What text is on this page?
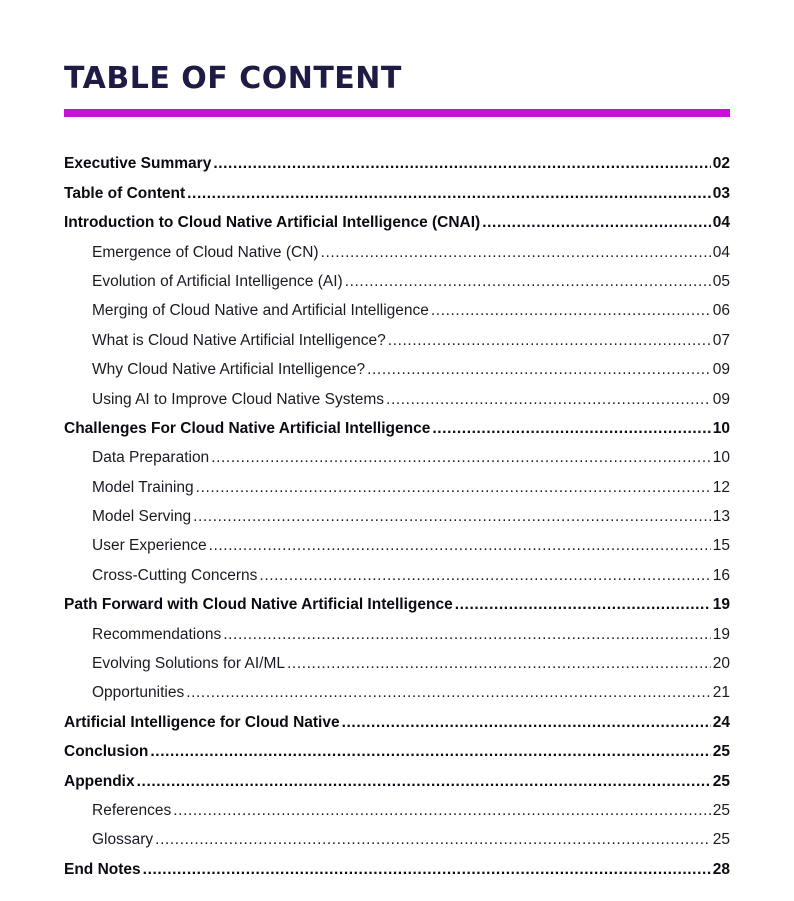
TABLE OF CONTENT
Executive Summary .....	02
Table of Content .....	03
Introduction to Cloud Native Artificial Intelligence (CNAI) .....	04
Emergence of Cloud Native (CN) .....	04
Evolution of Artificial Intelligence (AI) .....	05
Merging of Cloud Native and Artificial Intelligence .....	06
What is Cloud Native Artificial Intelligence? .....	07
Why Cloud Native Artificial Intelligence? .....	09
Using AI to Improve Cloud Native Systems .....	09
Challenges For Cloud Native Artificial Intelligence .....	10
Data Preparation .....	10
Model Training .....	12
Model Serving .....	13
User Experience .....	15
Cross-Cutting Concerns .....	16
Path Forward with Cloud Native Artificial Intelligence .....	19
Recommendations .....	19
Evolving Solutions for AI/ML .....	20
Opportunities .....	21
Artificial Intelligence for Cloud Native .....	24
Conclusion .....	25
Appendix .....	25
References .....	25
Glossary .....	25
End Notes .....	28
